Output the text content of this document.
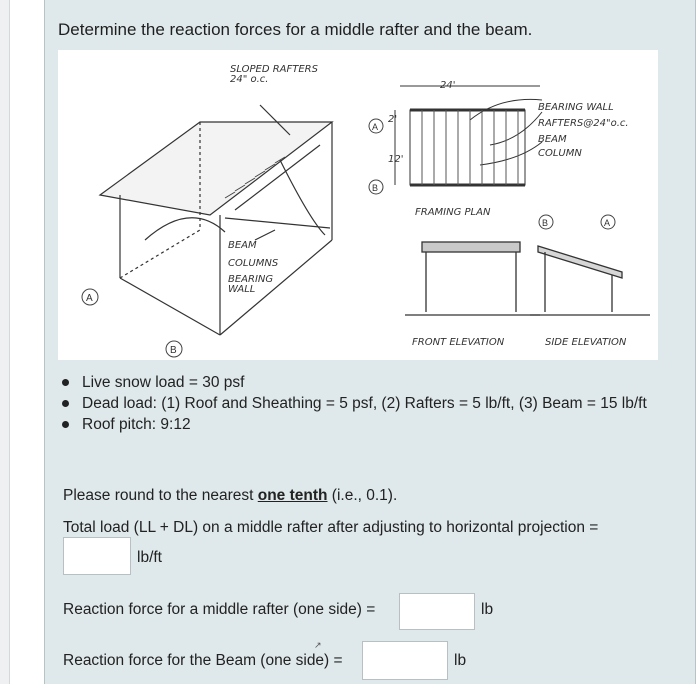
Determine the reaction forces for a middle rafter and the beam.
SLOPED RAFTERS
24" o.c.
BEAM
COLUMNS
BEARING
WALL
A
B
24'
2'
12'
BEARING WALL
RAFTERS@24"o.c.
BEAM
COLUMN
FRAMING PLAN
A
B
B	A
FRONT ELEVATION	SIDE ELEVATION
Live snow load = 30 psf
Dead load: (1) Roof and Sheathing = 5 psf, (2) Rafters = 5 lb/ft, (3) Beam = 15 lb/ft
Roof pitch: 9:12
Please round to the nearest one tenth (i.e., 0.1).
Total load (LL + DL) on a middle rafter after adjusting to horizontal projection =
lb/ft
Reaction force for a middle rafter (one side) =	lb
Reaction force for the Beam (one side) =	lb
↗
